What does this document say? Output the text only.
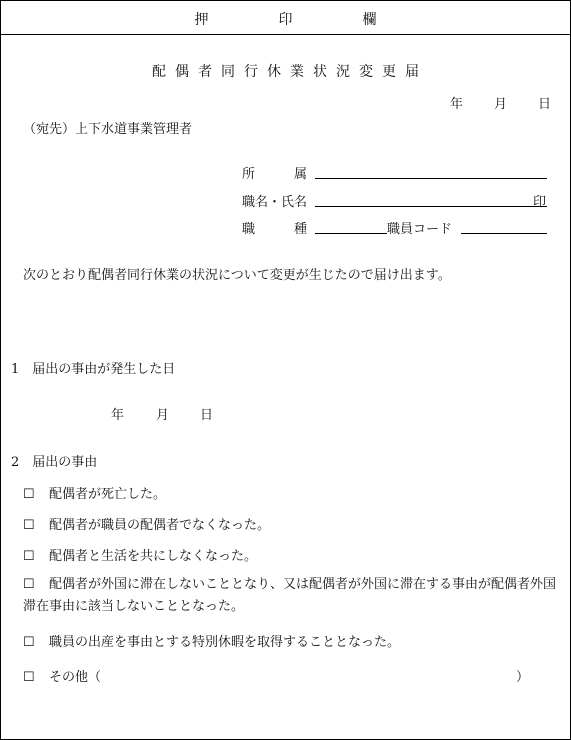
押　印　欄
配偶者同行休業状況変更届
年 月 日
（宛先）上下水道事業管理者
所　　　属
職名・氏名	印
職　　　種	職員コード
次のとおり配偶者同行休業の状況について変更が生じたので届け出ます。
1　届出の事由が発生した日
年 月 日
2　届出の事由
☐ 配偶者が死亡した。
☐ 配偶者が職員の配偶者でなくなった。
☐ 配偶者と生活を共にしなくなった。
☐ 配偶者が外国に滞在しないこととなり、又は配偶者が外国に滞在する事由が配偶者外国滞在事由に該当しないこととなった。
☐ 職員の出産を事由とする特別休暇を取得することとなった。
☐ その他（	）
